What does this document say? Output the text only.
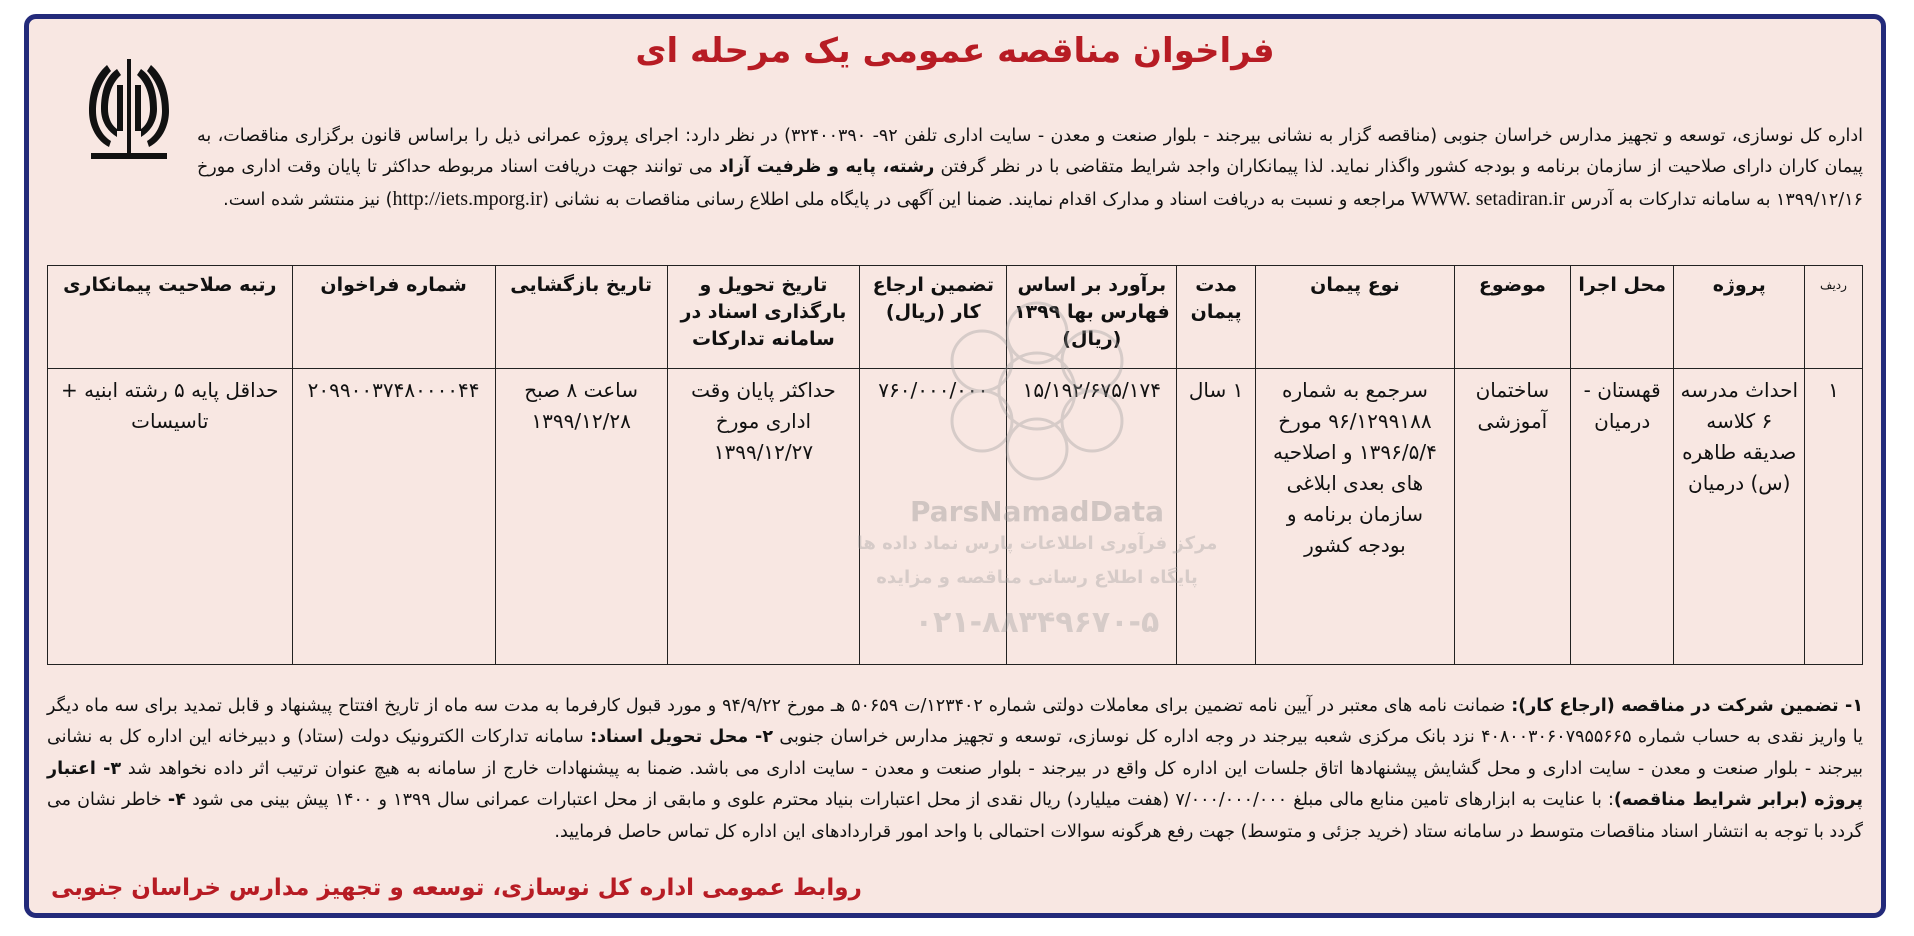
فراخوان مناقصه عمومی یک مرحله ای

اداره کل نوسازی، توسعه و تجهیز مدارس خراسان جنوبی (مناقصه گزار به نشانی بیرجند - بلوار صنعت و معدن - سایت اداری تلفن ۹۲- ۳۲۴۰۰۳۹۰) در نظر دارد: اجرای پروژه عمرانی ذیل را براساس قانون برگزاری مناقصات، به پیمان کاران دارای صلاحیت از سازمان برنامه و بودجه کشور واگذار نماید. لذا پیمانکاران واجد شرایط متقاضی با در نظر گرفتن رشته، پایه و ظرفیت آزاد می توانند جهت دریافت اسناد مربوطه حداکثر تا پایان وقت اداری مورخ ۱۳۹۹/۱۲/۱۶ به سامانه تدارکات به آدرس WWW. setadiran.ir مراجعه و نسبت به دریافت اسناد و مدارک اقدام نمایند. ضمنا این آگهی در پایگاه ملی اطلاع رسانی مناقصات به نشانی (http://iets.mporg.ir) نیز منتشر شده است.

ردیف	پروژه	محل اجرا	موضوع	نوع پیمان	مدت پیمان	برآورد بر اساس فهارس بها ۱۳۹۹ (ریال)	تضمین ارجاع کار (ریال)	تاریخ تحویل و بارگذاری اسناد در سامانه تدارکات	تاریخ بازگشایی	شماره فراخوان	رتبه صلاحیت پیمانکاری
۱	احداث مدرسه ۶ کلاسه صدیقه طاهره (س) درمیان	قهستان - درمیان	ساختمان آموزشی	سرجمع به شماره ۹۶/۱۲۹۹۱۸۸ مورخ ۱۳۹۶/۵/۴ و اصلاحیه های بعدی ابلاغی سازمان برنامه و بودجه کشور	۱ سال	۱۵/۱۹۲/۶۷۵/۱۷۴	۷۶۰/۰۰۰/۰۰۰	حداکثر پایان وقت اداری مورخ ۱۳۹۹/۱۲/۲۷	ساعت ۸ صبح ۱۳۹۹/۱۲/۲۸	۲۰۹۹۰۰۳۷۴۸۰۰۰۰۴۴	حداقل پایه ۵ رشته ابنیه + تاسیسات
ParsNamadData
مرکز فرآوری اطلاعات پارس نماد داده ها
پایگاه اطلاع رسانی مناقصه و مزایده
۰۲۱-۸۸۳۴۹۶۷۰-۵

۱- تضمین شرکت در مناقصه (ارجاع کار): ضمانت نامه های معتبر در آیین نامه تضمین برای معاملات دولتی شماره ۱۲۳۴۰۲/ت ۵۰۶۵۹ هـ مورخ ۹۴/۹/۲۲ و مورد قبول کارفرما به مدت سه ماه از تاریخ افتتاح پیشنهاد و قابل تمدید برای سه ماه دیگر یا واریز نقدی به حساب شماره ۴۰۸۰۰۳۰۶۰۷۹۵۵۶۶۵ نزد بانک مرکزی شعبه بیرجند در وجه اداره کل نوسازی، توسعه و تجهیز مدارس خراسان جنوبی ۲- محل تحویل اسناد: سامانه تدارکات الکترونیک دولت (ستاد) و دبیرخانه این اداره کل به نشانی بیرجند - بلوار صنعت و معدن - سایت اداری و محل گشایش پیشنهادها اتاق جلسات این اداره کل واقع در بیرجند - بلوار صنعت و معدن - سایت اداری می باشد. ضمنا به پیشنهادات خارج از سامانه به هیچ عنوان ترتیب اثر داده نخواهد شد ۳- اعتبار پروژه (برابر شرایط مناقصه): با عنایت به ابزارهای تامین منابع مالی مبلغ ۷/۰۰۰/۰۰۰/۰۰۰ (هفت میلیارد) ریال نقدی از محل اعتبارات بنیاد محترم علوی و مابقی از محل اعتبارات عمرانی سال ۱۳۹۹ و ۱۴۰۰ پیش بینی می شود ۴- خاطر نشان می گردد با توجه به انتشار اسناد مناقصات متوسط در سامانه ستاد (خرید جزئی و متوسط) جهت رفع هرگونه سوالات احتمالی با واحد امور قراردادهای این اداره کل تماس حاصل فرمایید.

روابط عمومی اداره کل نوسازی، توسعه و تجهیز مدارس خراسان جنوبی
